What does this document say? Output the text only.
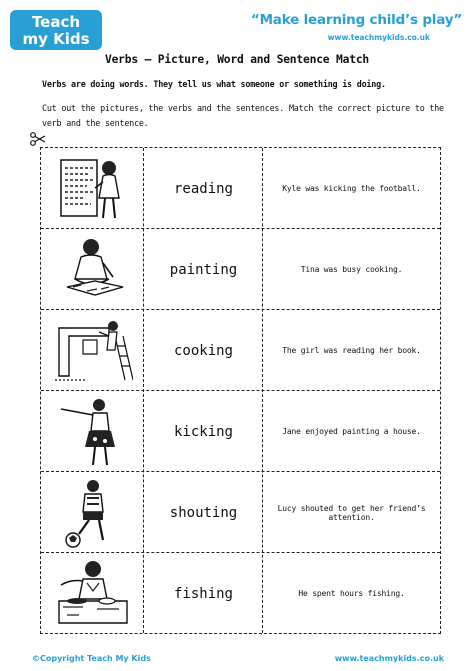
Teach
my Kids
“Make learning child’s play”
www.teachmykids.co.uk
Verbs – Picture, Word and Sentence Match
Verbs are doing words. They tell us what someone or something is doing.
Cut out the pictures, the verbs and the sentences. Match the correct picture to the verb and the sentence.
reading	Kyle was kicking the football.
painting	Tina was busy cooking.
cooking	The girl was reading her book.
kicking	Jane enjoyed painting a house.
shouting	Lucy shouted to get her friend’s attention.
fishing	He spent hours fishing.
©Copyright Teach My Kids	www.teachmykids.co.uk
